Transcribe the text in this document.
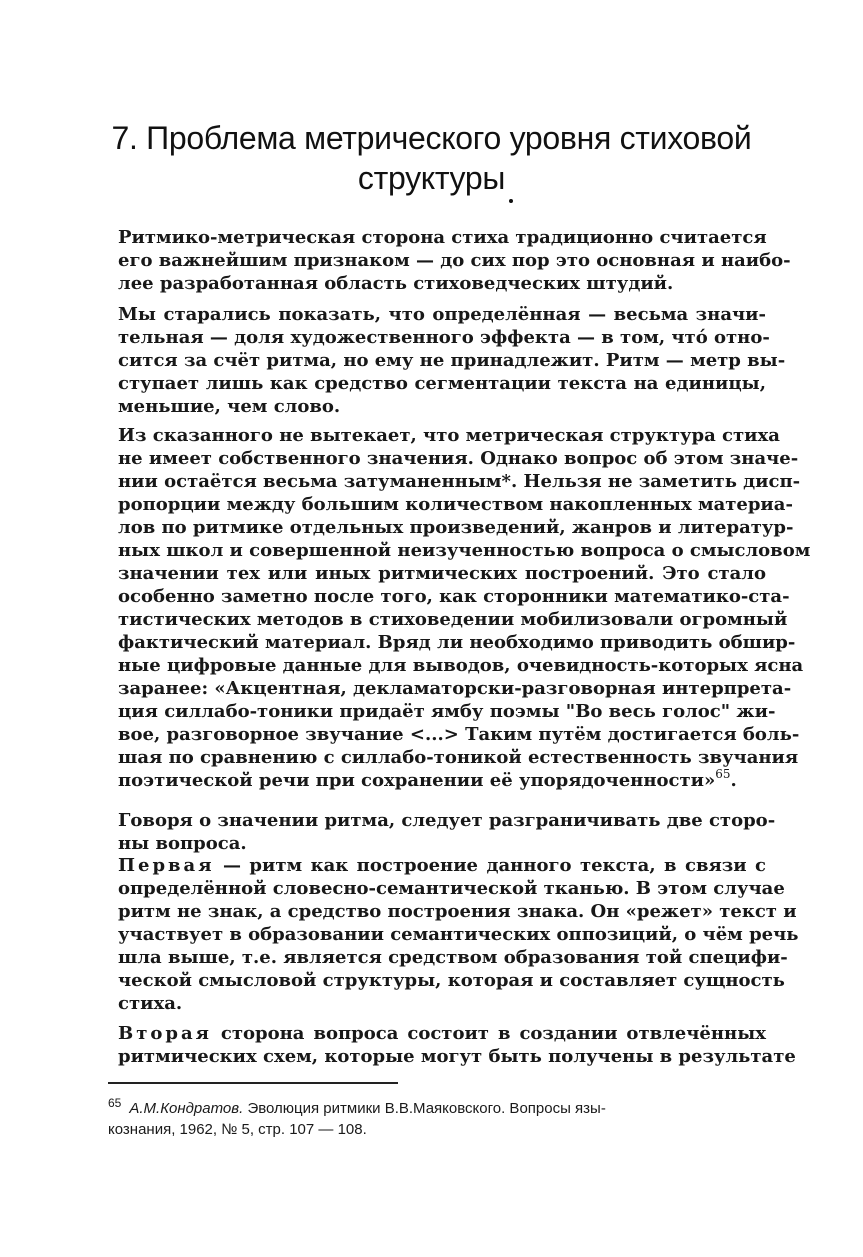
7. Проблема метрического уровня стиховой
структуры
Ритмико-метрическая сторона стиха традиционно считается
его важнейшим признаком — до сих пор это основная и наибо-
лее разработанная область стиховедческих штудий.
Мы старались показать, что определённая — весьма значи-
тельная — доля художественного эффекта — в том, что́ отно-
сится за счёт ритма, но ему не принадлежит. Ритм — метр вы-
ступает лишь как средство сегментации текста на единицы,
меньшие, чем слово.
Из сказанного не вытекает, что метрическая структура стиха
не имеет собственного значения. Однако вопрос об этом значе-
нии остаётся весьма затуманенным*. Нельзя не заметить дисп-
ропорции между большим количеством накопленных материа-
лов по ритмике отдельных произведений, жанров и литератур-
ных школ и совершенной неизученностью вопроса о смысловом
значении тех или иных ритмических построений. Это стало
особенно заметно после того, как сторонники математико-ста-
тистических методов в стиховедении мобилизовали огромный
фактический материал. Вряд ли необходимо приводить обшир-
ные цифровые данные для выводов, очевидность-которых ясна
заранее: «Акцентная, декламаторски-разговорная интерпрета-
ция силлабо-тоники придаёт ямбу поэмы "Во весь голос" жи-
вое, разговорное звучание <...> Таким путём достигается боль-
шая по сравнению с силлабо-тоникой естественность звучания
поэтической речи при сохранении её упорядоченности»$^{65}$.
Говоря о значении ритма, следует разграничивать две сторо-
ны вопроса.
Первая — ритм как построение данного текста, в связи с
определённой словесно-семантической тканью. В этом случае
ритм не знак, а средство построения знака. Он «режет» текст и
участвует в образовании семантических оппозиций, о чём речь
шла выше, т.е. является средством образования той специфи-
ческой смысловой структуры, которая и составляет сущность
стиха.
Вторая сторона вопроса состоит в создании отвлечённых
ритмических схем, которые могут быть получены в результате
$^{65}$ А.М.Кондратов. Эволюция ритмики В.В.Маяковского. Вопросы язы-
кознания, 1962, № 5, стр. 107 — 108.
